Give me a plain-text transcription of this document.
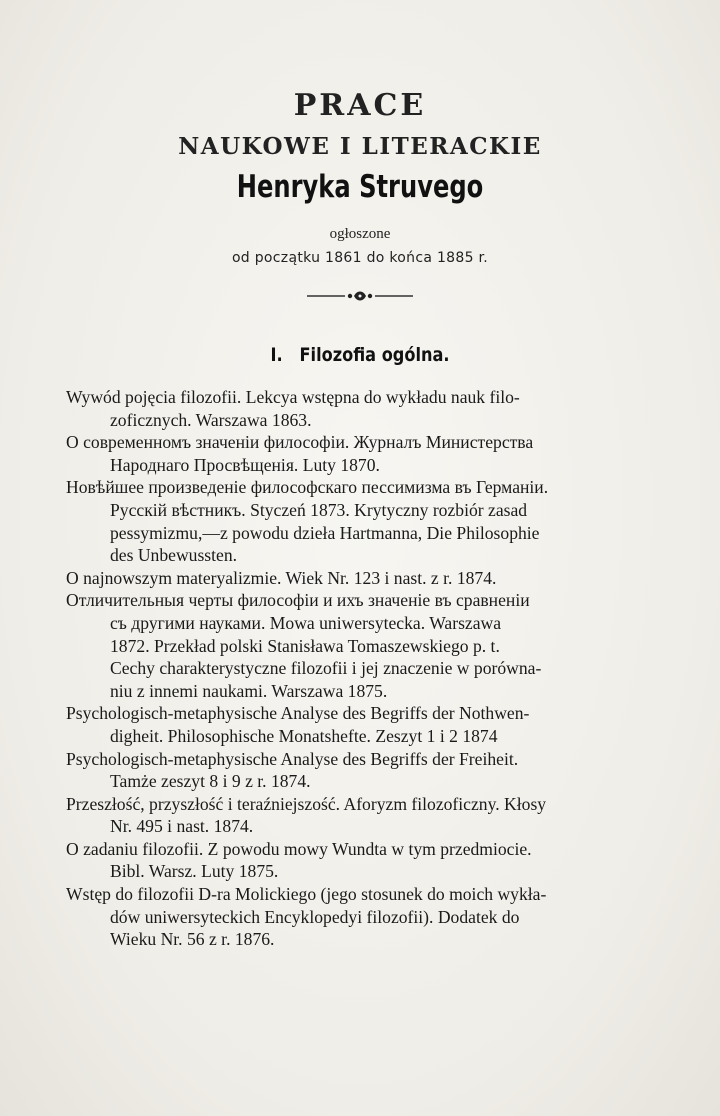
PRACE
NAUKOWE I LITERACKIE
Henryka Struvego
ogłoszone
od początku 1861 do końca 1885 r.
I. Filozofia ogólna.
Wywód pojęcia filozofii. Lekcya wstępna do wykładu nauk filo-
zoficznych. Warszawa 1863.
О современномъ значеніи философіи. Журналъ Министерства
Народнаго Просвѣщенія. Luty 1870.
Новѣйшее произведеніе философскаго пессимизма въ Германіи.
Русскій вѣстникъ. Styczeń 1873. Krytyczny rozbiór zasad
pessymizmu,—z powodu dzieła Hartmanna, Die Philosophie
des Unbewussten.
O najnowszym materyalizmie. Wiek Nr. 123 i nast. z r. 1874.
Отличительныя черты философіи и ихъ значеніе въ сравненіи
съ другими науками. Mowa uniwersytecka. Warszawa
1872. Przekład polski Stanisława Tomaszewskiego p. t.
Cechy charakterystyczne filozofii i jej znaczenie w porówna-
niu z innemi naukami. Warszawa 1875.
Psychologisch-metaphysische Analyse des Begriffs der Nothwen-
digheit. Philosophische Monatshefte. Zeszyt 1 i 2 1874
Psychologisch-metaphysische Analyse des Begriffs der Freiheit.
Tamże zeszyt 8 i 9 z r. 1874.
Przeszłość, przyszłość i teraźniejszość. Aforyzm filozoficzny. Kłosy
Nr. 495 i nast. 1874.
O zadaniu filozofii. Z powodu mowy Wundta w tym przedmiocie.
Bibl. Warsz. Luty 1875.
Wstęp do filozofii D-ra Molickiego (jego stosunek do moich wykła-
dów uniwersyteckich Encyklopedyi filozofii). Dodatek do
Wieku Nr. 56 z r. 1876.
